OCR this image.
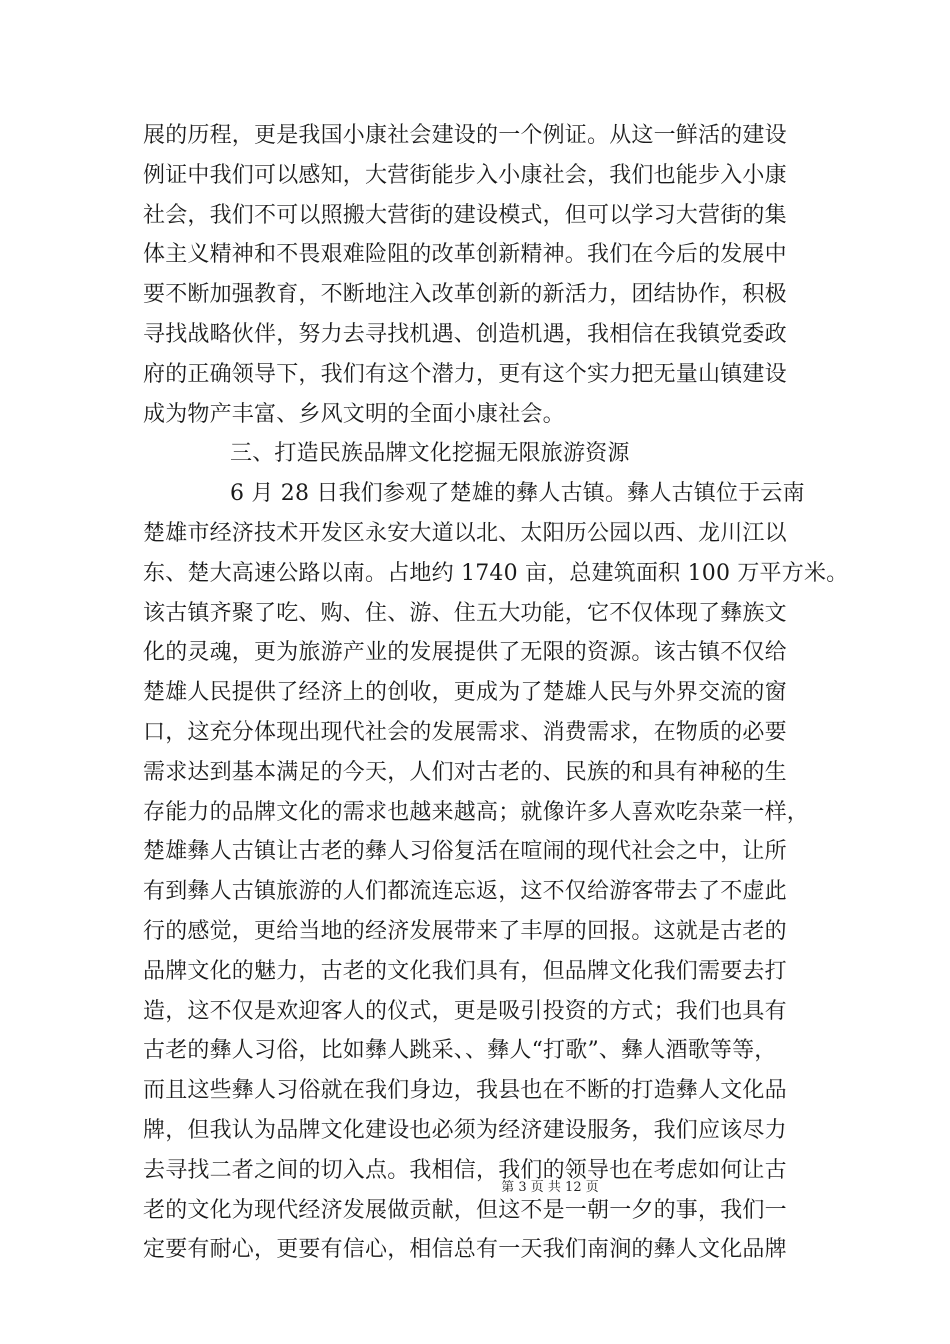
展的历程，更是我国小康社会建设的一个例证。从这一鲜活的建设
例证中我们可以感知，大营街能步入小康社会，我们也能步入小康
社会，我们不可以照搬大营街的建设模式，但可以学习大营街的集
体主义精神和不畏艰难险阻的改革创新精神。我们在今后的发展中
要不断加强教育，不断地注入改革创新的新活力，团结协作，积极
寻找战略伙伴，努力去寻找机遇、创造机遇，我相信在我镇党委政
府的正确领导下，我们有这个潜力，更有这个实力把无量山镇建设
成为物产丰富、乡风文明的全面小康社会。
三、打造民族品牌文化挖掘无限旅游资源
6 月 28 日我们参观了楚雄的彝人古镇。彝人古镇位于云南
楚雄市经济技术开发区永安大道以北、太阳历公园以西、龙川江以
东、楚大高速公路以南。占地约 1740 亩，总建筑面积 100 万平方米。
该古镇齐聚了吃、购、住、游、住五大功能，它不仅体现了彝族文
化的灵魂，更为旅游产业的发展提供了无限的资源。该古镇不仅给
楚雄人民提供了经济上的创收，更成为了楚雄人民与外界交流的窗
口，这充分体现出现代社会的发展需求、消费需求，在物质的必要
需求达到基本满足的今天，人们对古老的、民族的和具有神秘的生
存能力的品牌文化的需求也越来越高；就像许多人喜欢吃杂菜一样，
楚雄彝人古镇让古老的彝人习俗复活在喧闹的现代社会之中，让所
有到彝人古镇旅游的人们都流连忘返，这不仅给游客带去了不虚此
行的感觉，更给当地的经济发展带来了丰厚的回报。这就是古老的
品牌文化的魅力，古老的文化我们具有，但品牌文化我们需要去打
造，这不仅是欢迎客人的仪式，更是吸引投资的方式；我们也具有
古老的彝人习俗，比如彝人跳采、、彝人“打歌”、彝人酒歌等等，
而且这些彝人习俗就在我们身边，我县也在不断的打造彝人文化品
牌，但我认为品牌文化建设也必须为经济建设服务，我们应该尽力
去寻找二者之间的切入点。我相信，我们的领导也在考虑如何让古
老的文化为现代经济发展做贡献，但这不是一朝一夕的事，我们一
定要有耐心，更要有信心，相信总有一天我们南涧的彝人文化品牌
第 3 页 共 12 页
